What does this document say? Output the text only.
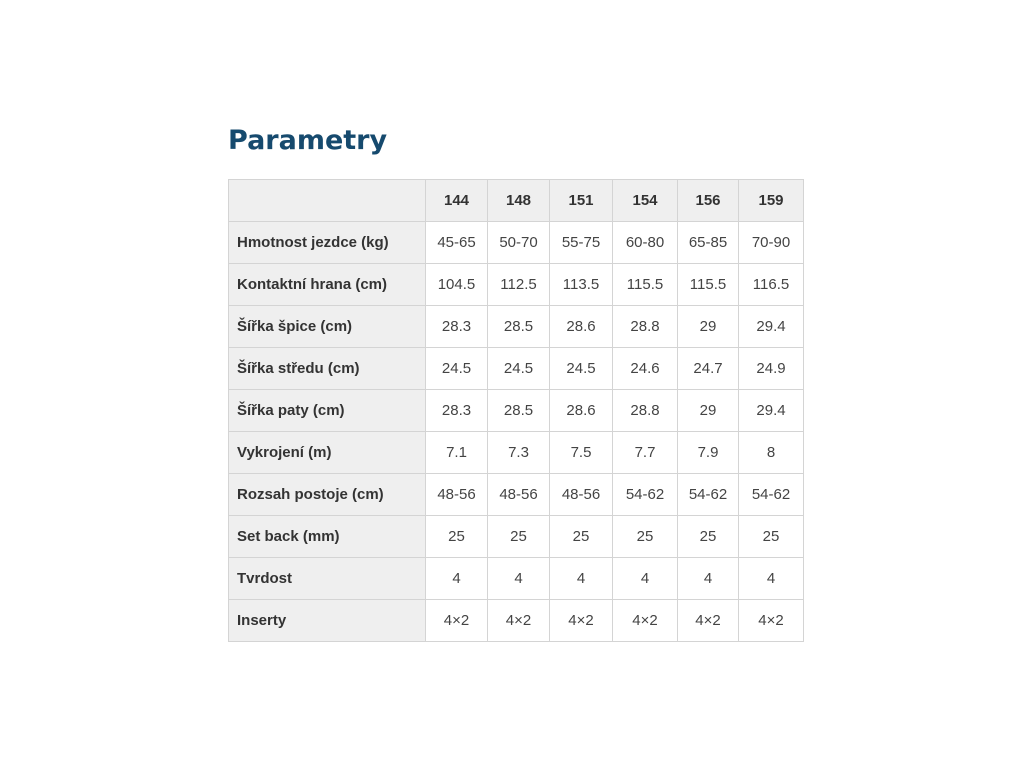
Parametry
	144	148	151	154	156	159
Hmotnost jezdce (kg)	45-65	50-70	55-75	60-80	65-85	70-90
Kontaktní hrana (cm)	104.5	112.5	113.5	115.5	115.5	116.5
Šířka špice (cm)	28.3	28.5	28.6	28.8	29	29.4
Šířka středu (cm)	24.5	24.5	24.5	24.6	24.7	24.9
Šířka paty (cm)	28.3	28.5	28.6	28.8	29	29.4
Vykrojení (m)	7.1	7.3	7.5	7.7	7.9	8
Rozsah postoje (cm)	48-56	48-56	48-56	54-62	54-62	54-62
Set back (mm)	25	25	25	25	25	25
Tvrdost	4	4	4	4	4	4
Inserty	4×2	4×2	4×2	4×2	4×2	4×2
